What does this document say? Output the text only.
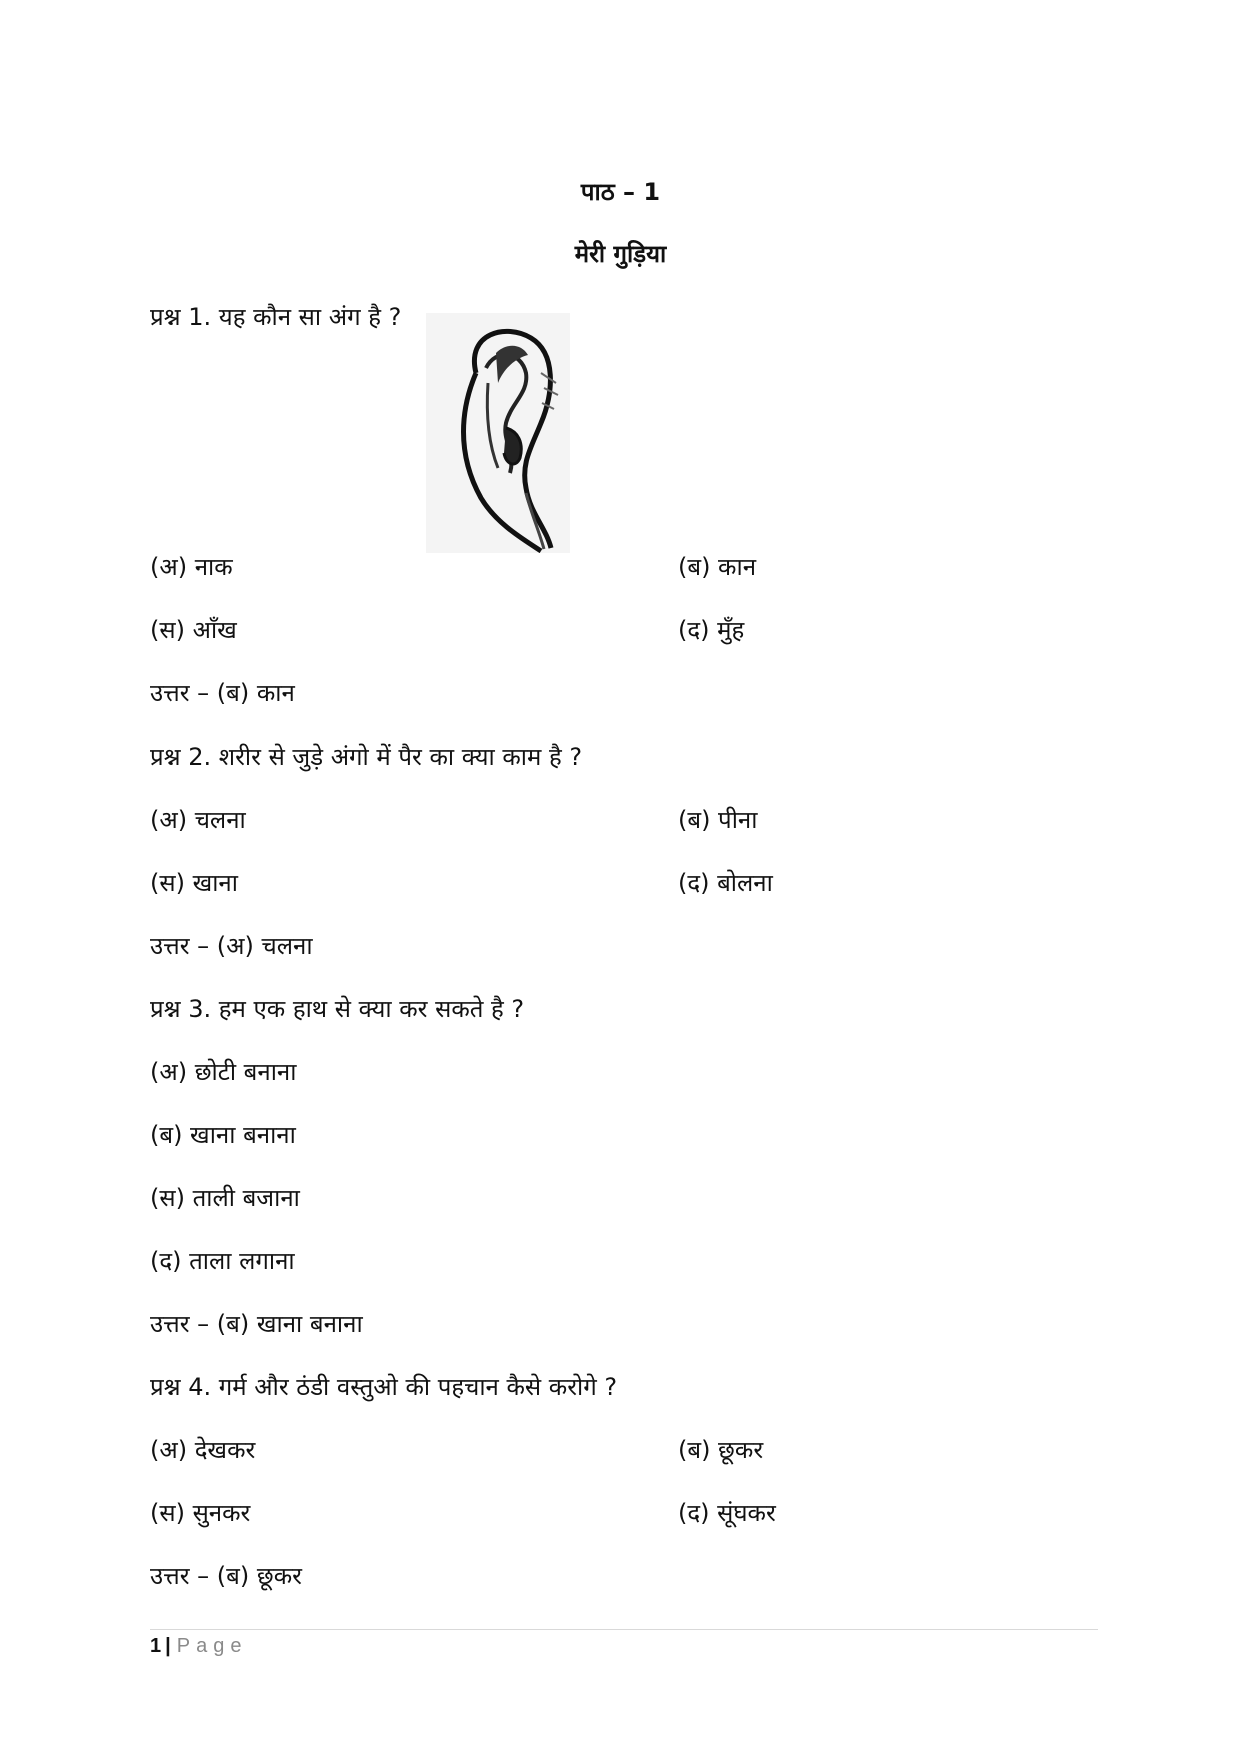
पाठ – 1
मेरी गुड़िया
प्रश्न 1. यह कौन सा अंग है ?
(अ) नाक	(ब) कान
(स) आँख	(द) मुँह
उत्तर – (ब) कान
प्रश्न 2. शरीर से जुड़े अंगो में पैर का क्या काम है ?
(अ) चलना	(ब) पीना
(स) खाना	(द) बोलना
उत्तर – (अ) चलना
प्रश्न 3. हम एक हाथ से क्या कर सकते है ?
(अ) छोटी बनाना
(ब) खाना बनाना
(स) ताली बजाना
(द) ताला लगाना
उत्तर – (ब) खाना बनाना
प्रश्न 4. गर्म और ठंडी वस्तुओ की पहचान कैसे करोगे ?
(अ) देखकर	(ब) छूकर
(स) सुनकर	(द) सूंघकर
उत्तर – (ब) छूकर
1 | Page
